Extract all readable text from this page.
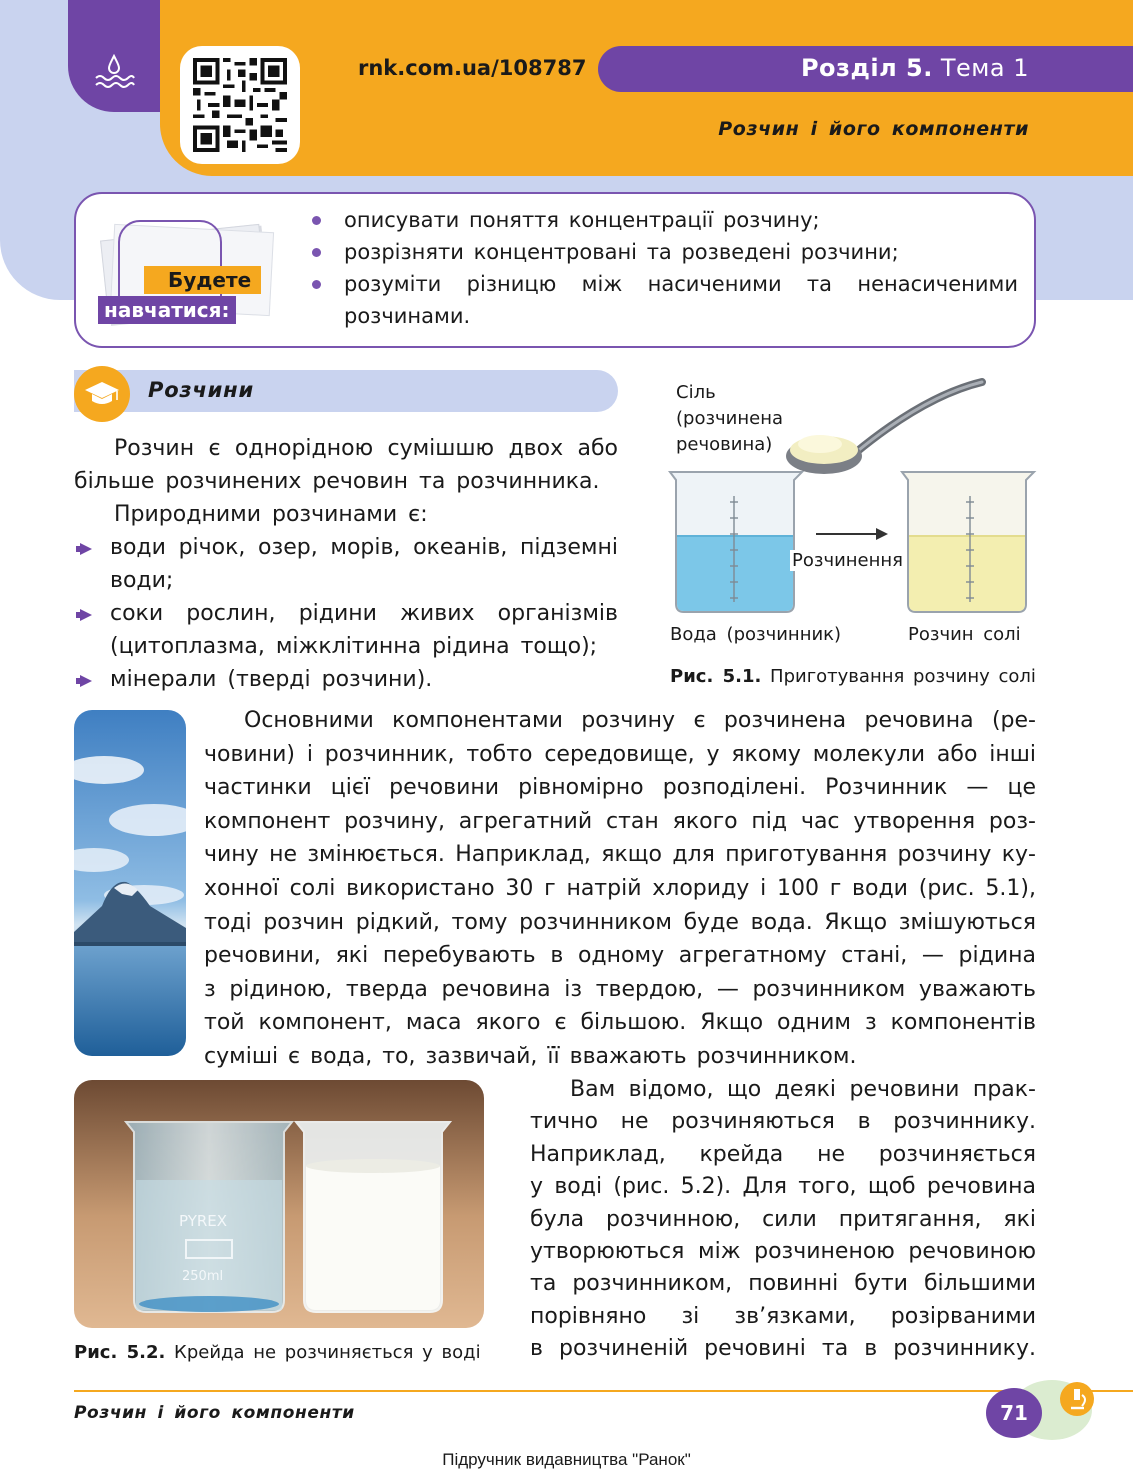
rnk.com.ua/108787	Розділ 5. Тема 1
Розчин і його компоненти
Будете
навчатися:
описувати поняття концентрації розчину;
розрізняти концентровані та розведені розчини;
розуміти різницю між насиченими та ненасиченими розчинами.
Розчини

Розчин є однорідною сумішшю двох або більше розчинених речовин та розчинника.

Природними розчинами є:

води річок, озер, морів, океанів, підземні води;
соки рослин, рідини живих організмів (цитоплазма, міжклітинна рідина тощо);
мінерали (тверді розчини).
Сіль
(розчинена
речовина)
Розчинення
Вода (розчинник)	Розчин солі
Рис. 5.1. Приготування розчину солі
Основними компонентами розчину є розчинена речовина (ре-
човини) і розчинник, тобто середовище, у якому молекули або інші
частинки цієї речовини рівномірно розподілені. Розчинник — це
компонент розчину, агрегатний стан якого під час утворення роз-
чину не змінюється. Наприклад, якщо для приготування розчину ку-
хонної солі використано 30 г натрій хлориду і 100 г води (рис. 5.1),
тоді розчин рідкий, тому розчинником буде вода. Якщо змішуються
речовини, які перебувають в одному агрегатному стані, — рідина
з рідиною, тверда речовина із твердою, — розчинником уважають
той компонент, маса якого є більшою. Якщо одним з компонентів
суміші є вода, то, зазвичай, її вважають розчинником.
PYREX
250ml
Рис. 5.2. Крейда не розчиняється у воді
Вам відомо, що деякі речовини прак-
тично не розчиняються в розчиннику.
Наприклад, крейда не розчиняється
у воді (рис. 5.2). Для того, щоб речовина
була розчинною, сили притягання, які
утворюються між розчиненою речовиною
та розчинником, повинні бути більшими
порівняно зі зв’язками, розірваними
в розчиненій речовині та в розчиннику.
Розчин і його компоненти	71
Підручник видавництва "Ранок"
